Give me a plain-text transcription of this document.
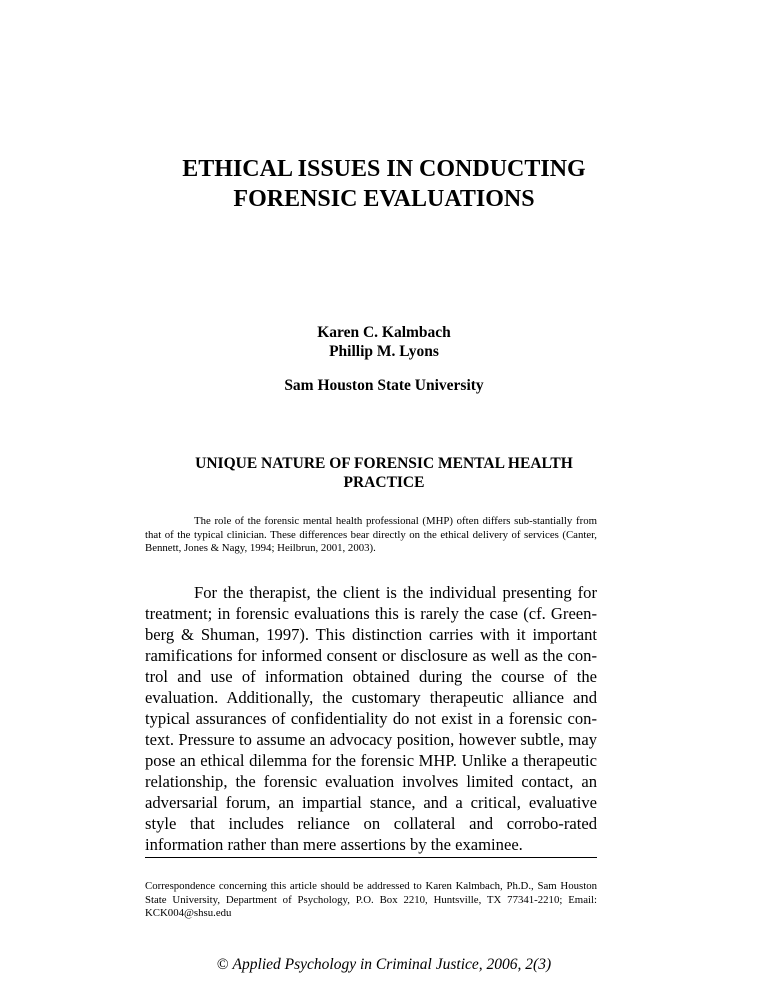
ETHICAL ISSUES IN CONDUCTING
FORENSIC EVALUATIONS
Karen C. Kalmbach
Phillip M. Lyons
Sam Houston State University
UNIQUE NATURE OF FORENSIC MENTAL HEALTH
PRACTICE

The role of the forensic mental health professional (MHP) often differs sub-stantially from that of the typical clinician. These differences bear directly on the ethical delivery of services (Canter, Bennett, Jones & Nagy, 1994; Heilbrun, 2001, 2003).

For the therapist, the client is the individual presenting for treatment; in forensic evaluations this is rarely the case (cf. Green-berg & Shuman, 1997). This distinction carries with it important ramifications for informed consent or disclosure as well as the con-trol and use of information obtained during the course of the evaluation. Additionally, the customary therapeutic alliance and typical assurances of confidentiality do not exist in a forensic con-text. Pressure to assume an advocacy position, however subtle, may pose an ethical dilemma for the forensic MHP. Unlike a therapeutic relationship, the forensic evaluation involves limited contact, an adversarial forum, an impartial stance, and a critical, evaluative style that includes reliance on collateral and corrobo-rated information rather than mere assertions by the examinee.

Correspondence concerning this article should be addressed to Karen Kalmbach, Ph.D., Sam Houston State University, Department of Psychology, P.O. Box 2210, Huntsville, TX 77341-2210; Email: KCK004@shsu.edu

© Applied Psychology in Criminal Justice, 2006, 2(3)
